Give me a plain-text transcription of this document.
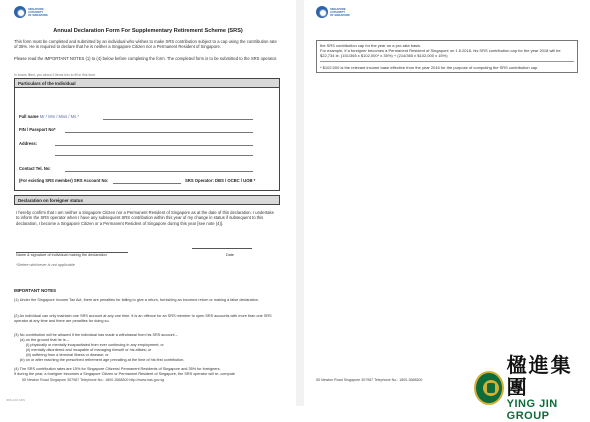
SINGAPORE
AUTHORITY
OF SINGAPORE
Annual Declaration Form For Supplementary Retirement Scheme (SRS)
This form must be completed and submitted by an individual who wishes to make SRS contribution subject to a cap using the contribution rate of 35%. He is required to declare that he is neither a Singapore Citizen nor a Permanent Resident of Singapore.
Please read the IMPORTANT NOTES (1) to (4) below before completing the form. The completed form is to be submitted to the SRS operator.
In boxes filled, you about 3 items box to fill in this form.
Particulars of the Individual
Full name Mr / Mrs / Miss / Ms *
FIN / Passport No*
Address:
Contact Tel. No:
(For existing SRS member) SRS Account No:	SRS Operator: DBS / OCBC / UOB *
Declaration on foreigner status
I hereby confirm that I am neither a Singapore Citizen nor a Permanent Resident of Singapore as at the date of this declaration. I undertake to inform the SRS operator when I have any subsequent SRS contribution within this year of my change in status if subsequent to this declaration, I become a Singapore Citizen or a Permanent Resident of Singapore during this year [see note (4)].
Name & signature of individual making the declaration	Date
*Delete whichever is not applicable
IMPORTANT NOTES
(1) Under the Singapore Income Tax Act, there are penalties for failing to give a return, furnishing an incorrect return or making a false declaration.
(2) An individual can only maintain one SRS account at any one time. It is an offence for an SRS member to open SRS accounts with more than one SRS operator at any time and there are penalties for doing so.
(3) No contribution will be allowed if the individual has made a withdrawal from his SRS account –
(a) on the ground that he is –
(i) physically or mentally incapacitated from ever continuing in any employment; or
(ii) mentally disordered and incapable of managing himself or his affairs; or
(iii) suffering from a terminal illness or disease; or
(b) on or after reaching the prescribed retirement age prevailing at the time of his first contribution.
(4) The SRS contribution rates are 15% for Singapore Citizens/ Permanent Residents of Singapore and 35% for foreigners.
If during the year, a foreigner becomes a Singapore Citizen or Permanent Resident of Singapore, the SRS operator will re- compute
55 Newton Road Singapore 307987 Telephone No.: 1800-3568300 http://www.iras.gov.sg
IRIS-100-SRS
SINGAPORE
AUTHORITY
OF SINGAPORE
the SRS contribution cap for the year on a pro-rata basis.
For example, if a foreigner becomes a Permanent Resident of Singapore on 1.5.2018, his SRS contribution cap for the year 2018 will be $22,734 ie. (151/365 x $102,000* x 35%) + (214/365 x $102,000 x 15%)
* $102,000 is the relevant income base effective from the year 2016 for the purpose of computing the SRS contribution cap.
55 Newton Road Singapore 307987 Telephone No.: 1800-3568300
楹進集團
YING JIN GROUP
